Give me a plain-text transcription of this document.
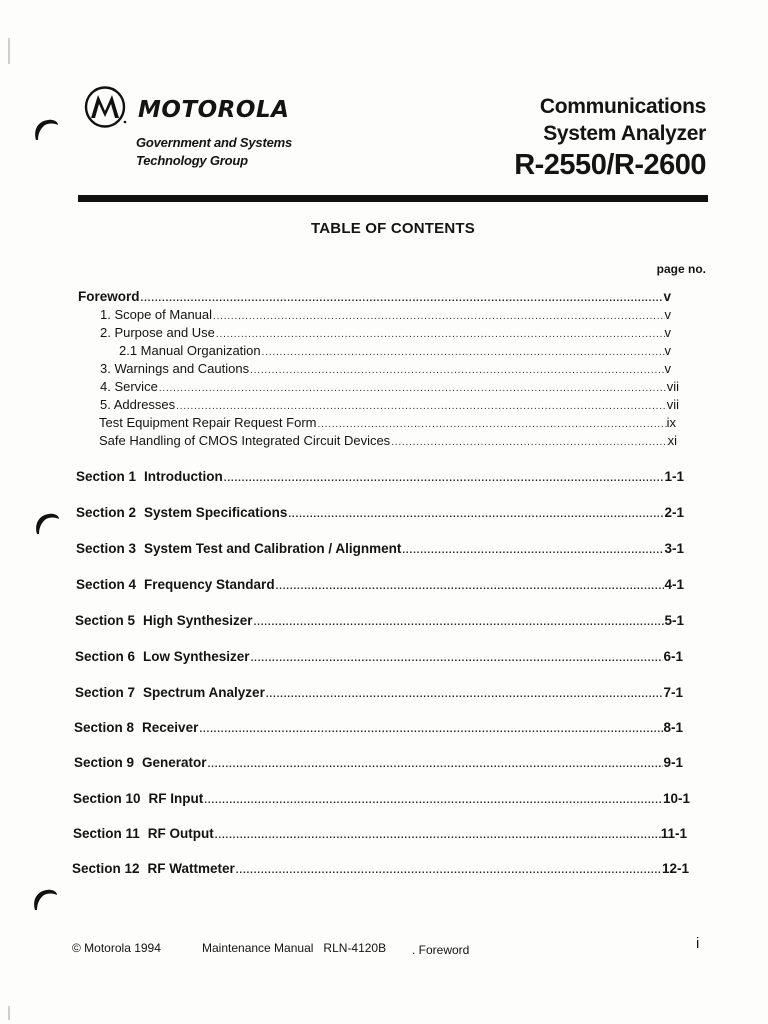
MOTOROLA
Government and Systems
Technology Group
Communications
System Analyzer
R-2550/R-2600
TABLE OF CONTENTS
page no.
Foreword .....	v
1. Scope of Manual .....	v
2. Purpose and Use .....	v
2.1 Manual Organization .....	v
3. Warnings and Cautions .....	v
4. Service .....	vii
5. Addresses .....	vii
Test Equipment Repair Request Form .....	ix
Safe Handling of CMOS Integrated Circuit Devices .....	xi
Section 1 Introduction .....	1-1
Section 2 System Specifications .....	2-1
Section 3 System Test and Calibration / Alignment .....	3-1
Section 4 Frequency Standard .....	4-1
Section 5 High Synthesizer .....	5-1
Section 6 Low Synthesizer .....	6-1
Section 7 Spectrum Analyzer .....	7-1
Section 8 Receiver .....	8-1
Section 9 Generator .....	9-1
Section 10 RF Input .....	10-1
Section 11 RF Output .....	11-1
Section 12 RF Wattmeter .....	12-1
© Motorola 1994	Maintenance Manual   RLN-4120B . Foreword	i
